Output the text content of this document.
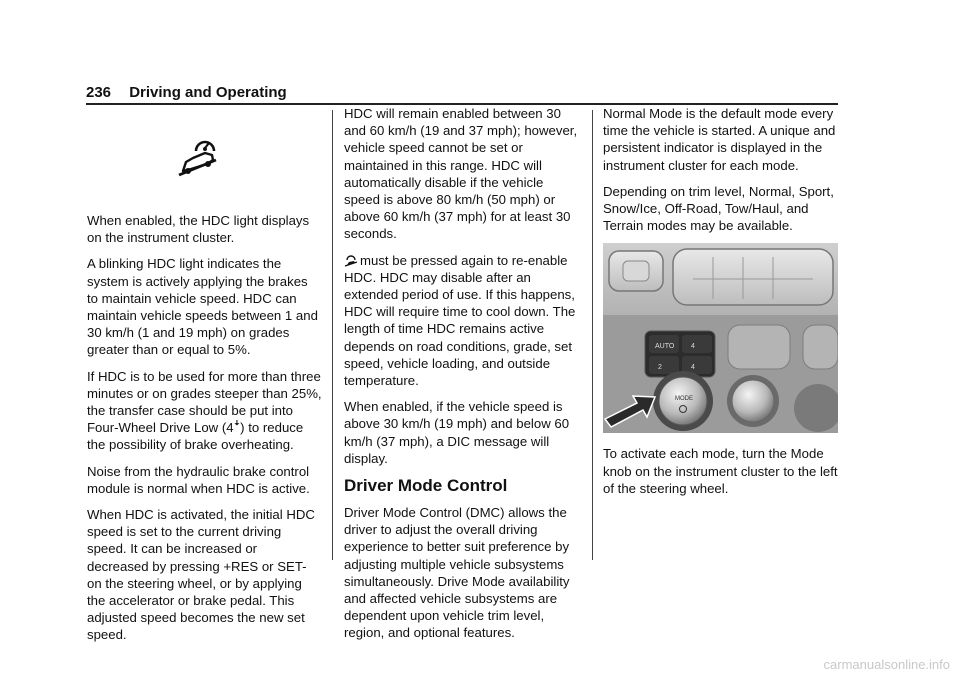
236 Driving and Operating

When enabled, the HDC light displays on the instrument cluster.

A blinking HDC light indicates the system is actively applying the brakes to maintain vehicle speed. HDC can maintain vehicle speeds between 1 and 30 km/h (1 and 19 mph) on grades greater than or equal to 5%.

If HDC is to be used for more than three minutes or on grades steeper than 25%, the transfer case should be put into Four-Wheel Drive Low (4ꜜ) to reduce the possibility of brake overheating.

Noise from the hydraulic brake control module is normal when HDC is active.

When HDC is activated, the initial HDC speed is set to the current driving speed. It can be increased or decreased by pressing +RES or SET- on the steering wheel, or by applying the accelerator or brake pedal. This adjusted speed becomes the new set speed.

HDC will remain enabled between 30 and 60 km/h (19 and 37 mph); however, vehicle speed cannot be set or maintained in this range. HDC will automatically disable if the vehicle speed is above 80 km/h (50 mph) or above 60 km/h (37 mph) for at least 30 seconds.

must be pressed again to re-enable HDC. HDC may disable after an extended period of use. If this happens, HDC will require time to cool down. The length of time HDC remains active depends on road conditions, grade, set speed, vehicle loading, and outside temperature.

When enabled, if the vehicle speed is above 30 km/h (19 mph) and below 60 km/h (37 mph), a DIC message will display.

Driver Mode Control

Driver Mode Control (DMC) allows the driver to adjust the overall driving experience to better suit preference by adjusting multiple vehicle subsystems simultaneously. Drive Mode availability and affected vehicle subsystems are dependent upon vehicle trim level, region, and optional features.

Normal Mode is the default mode every time the vehicle is started. A unique and persistent indicator is displayed in the instrument cluster for each mode.

Depending on trim level, Normal, Sport, Snow/Ice, Off-Road, Tow/Haul, and Terrain modes may be available.

AUTO 4
2	4
MODE

To activate each mode, turn the Mode knob on the instrument cluster to the left of the steering wheel.

carmanualsonline.info
